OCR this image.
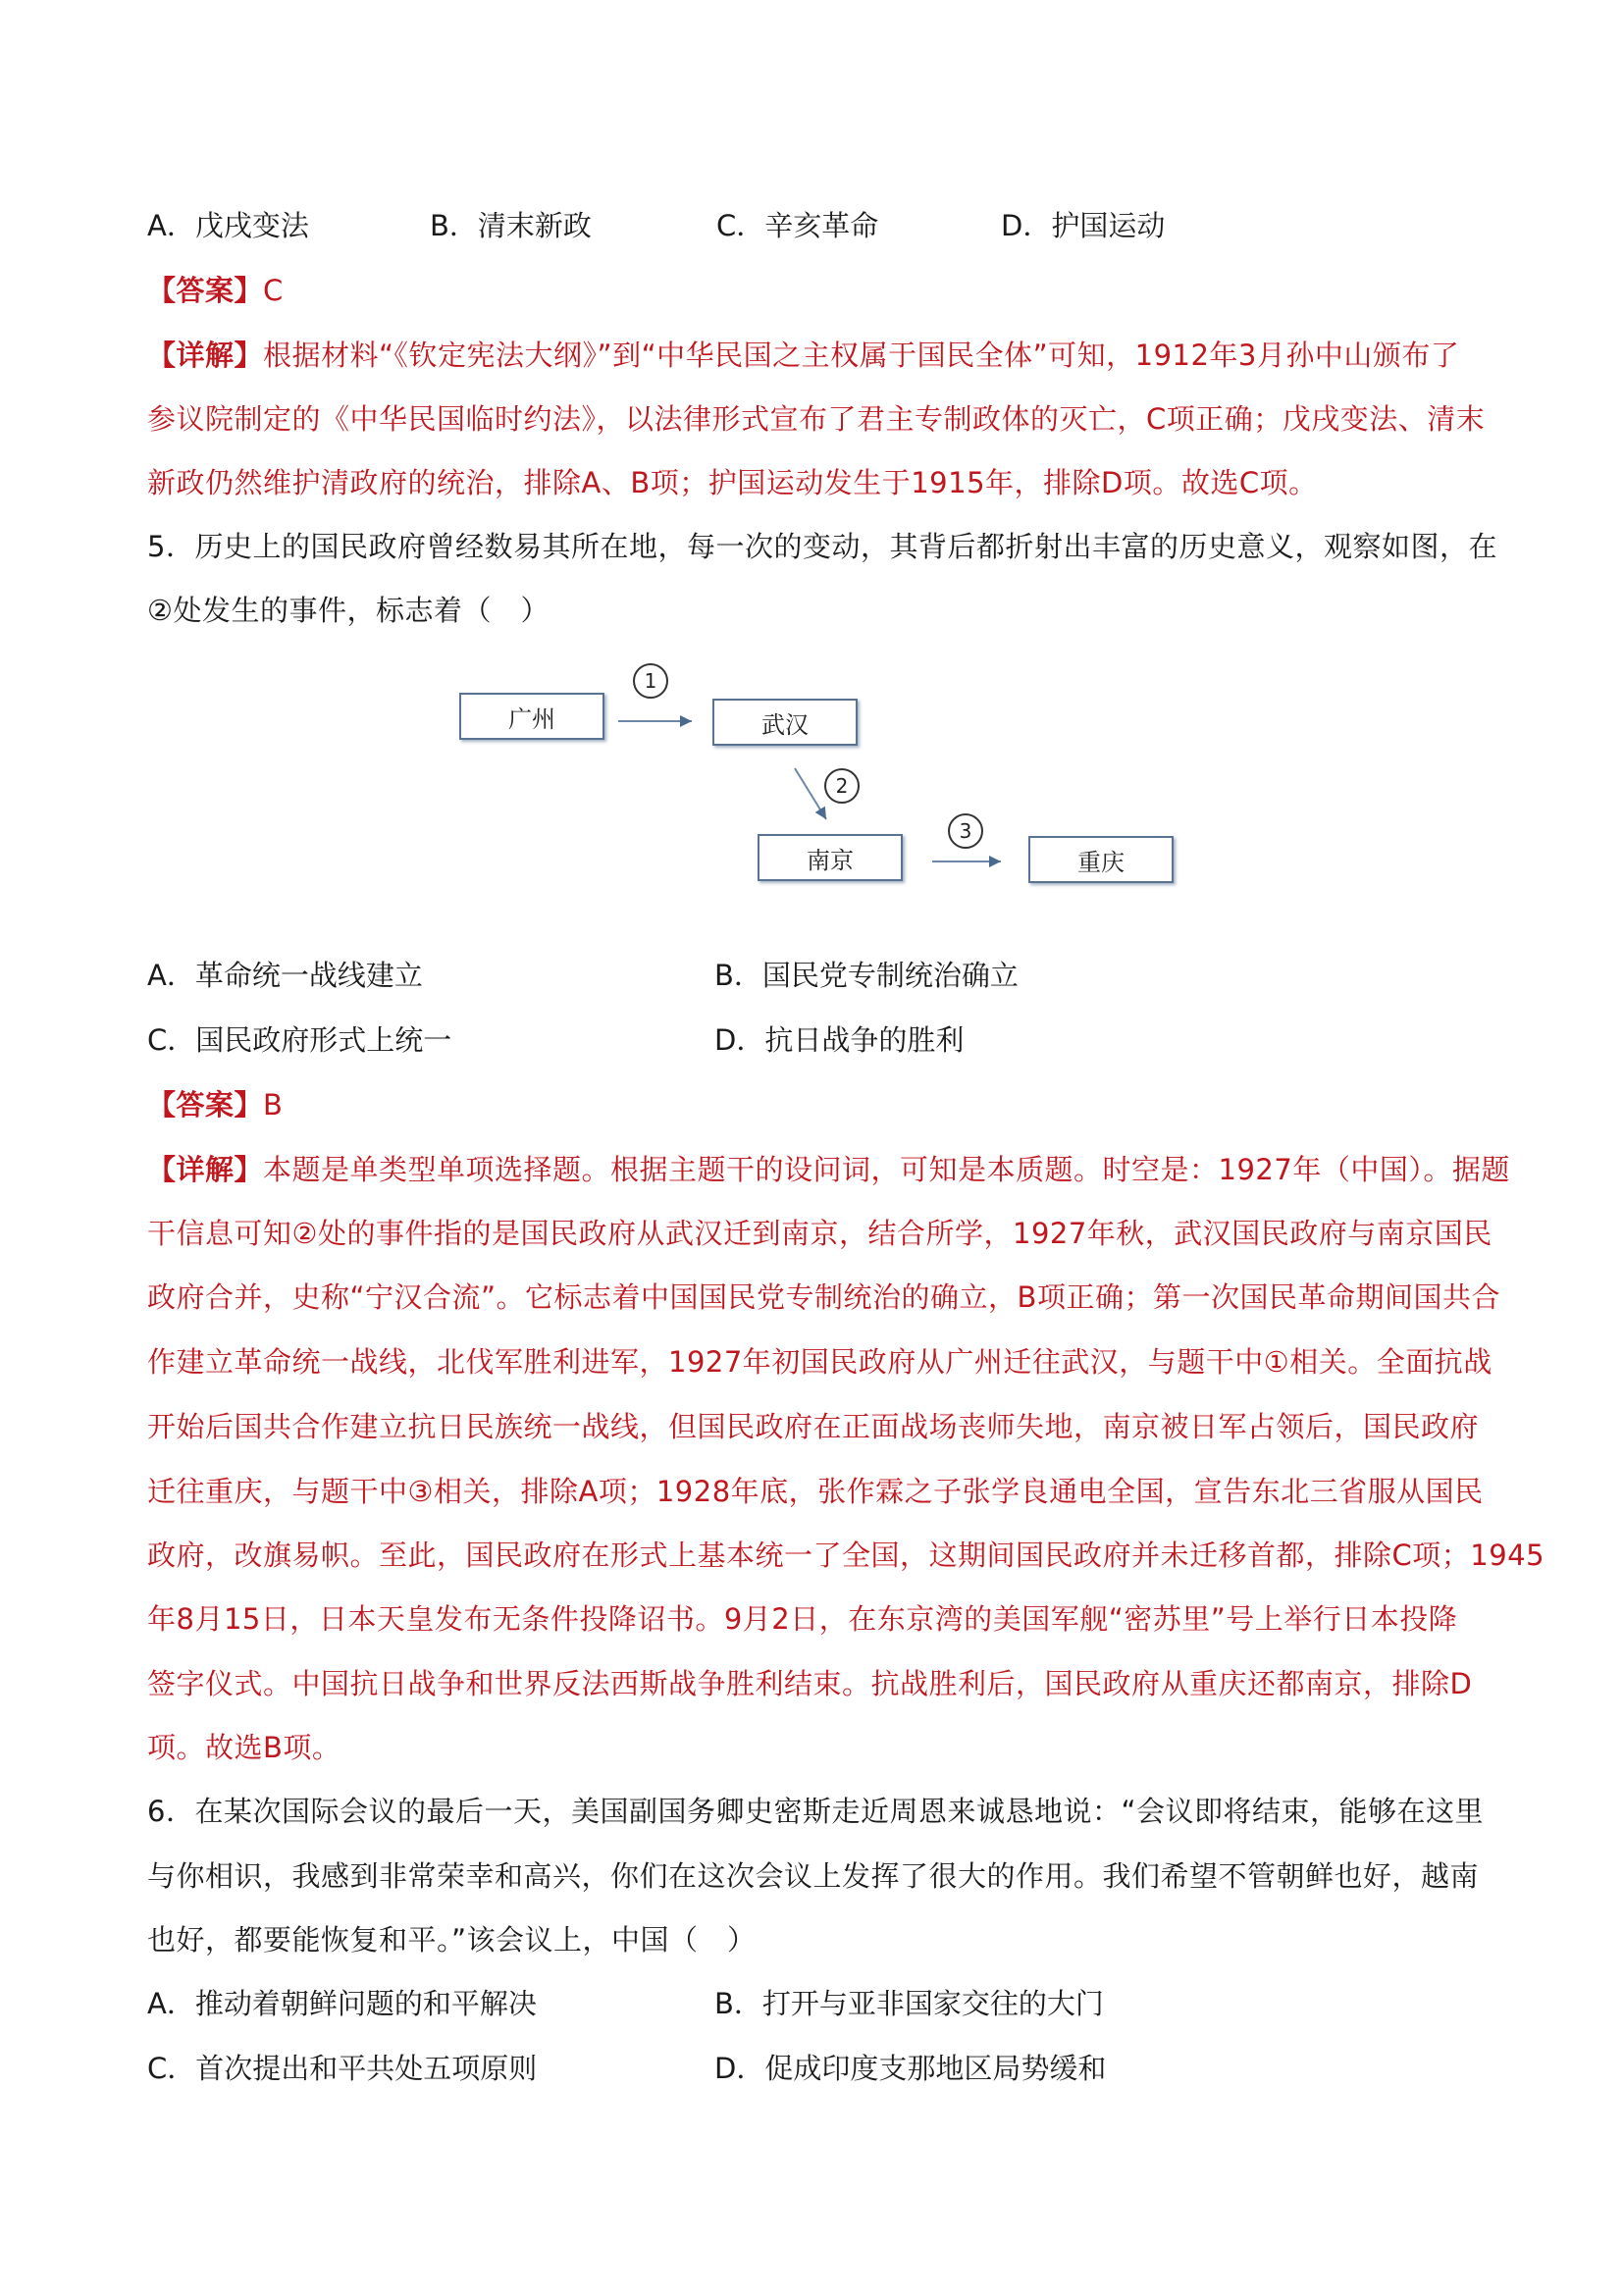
A．戊戌变法	B．清末新政	C．辛亥革命	D．护国运动
【答案】C
【详解】根据材料“《钦定宪法大纲》”到“中华民国之主权属于国民全体”可知，1912年3月孙中山颁布了
参议院制定的《中华民国临时约法》，以法律形式宣布了君主专制政体的灭亡，C项正确；戊戌变法、清末
新政仍然维护清政府的统治，排除A、B项；护国运动发生于1915年，排除D项。故选C项。
5．历史上的国民政府曾经数易其所在地，每一次的变动，其背后都折射出丰富的历史意义，观察如图，在
②处发生的事件，标志着（　）
广州	武汉
南京	重庆
1
2
3
A．革命统一战线建立	B．国民党专制统治确立
C．国民政府形式上统一	D．抗日战争的胜利
【答案】B
【详解】本题是单类型单项选择题。根据主题干的设问词，可知是本质题。时空是：1927年（中国）。据题
干信息可知②处的事件指的是国民政府从武汉迁到南京，结合所学，1927年秋，武汉国民政府与南京国民
政府合并，史称“宁汉合流”。它标志着中国国民党专制统治的确立，B项正确；第一次国民革命期间国共合
作建立革命统一战线，北伐军胜利进军，1927年初国民政府从广州迁往武汉，与题干中①相关。全面抗战
开始后国共合作建立抗日民族统一战线，但国民政府在正面战场丧师失地，南京被日军占领后，国民政府
迁往重庆，与题干中③相关，排除A项；1928年底，张作霖之子张学良通电全国，宣告东北三省服从国民
政府，改旗易帜。至此，国民政府在形式上基本统一了全国，这期间国民政府并未迁移首都，排除C项；1945
年8月15日，日本天皇发布无条件投降诏书。9月2日，在东京湾的美国军舰“密苏里”号上举行日本投降
签字仪式。中国抗日战争和世界反法西斯战争胜利结束。抗战胜利后，国民政府从重庆还都南京，排除D
项。故选B项。
6．在某次国际会议的最后一天，美国副国务卿史密斯走近周恩来诚恳地说：“会议即将结束，能够在这里
与你相识，我感到非常荣幸和高兴，你们在这次会议上发挥了很大的作用。我们希望不管朝鲜也好，越南
也好，都要能恢复和平。”该会议上，中国（　）
A．推动着朝鲜问题的和平解决	B．打开与亚非国家交往的大门
C．首次提出和平共处五项原则	D．促成印度支那地区局势缓和
